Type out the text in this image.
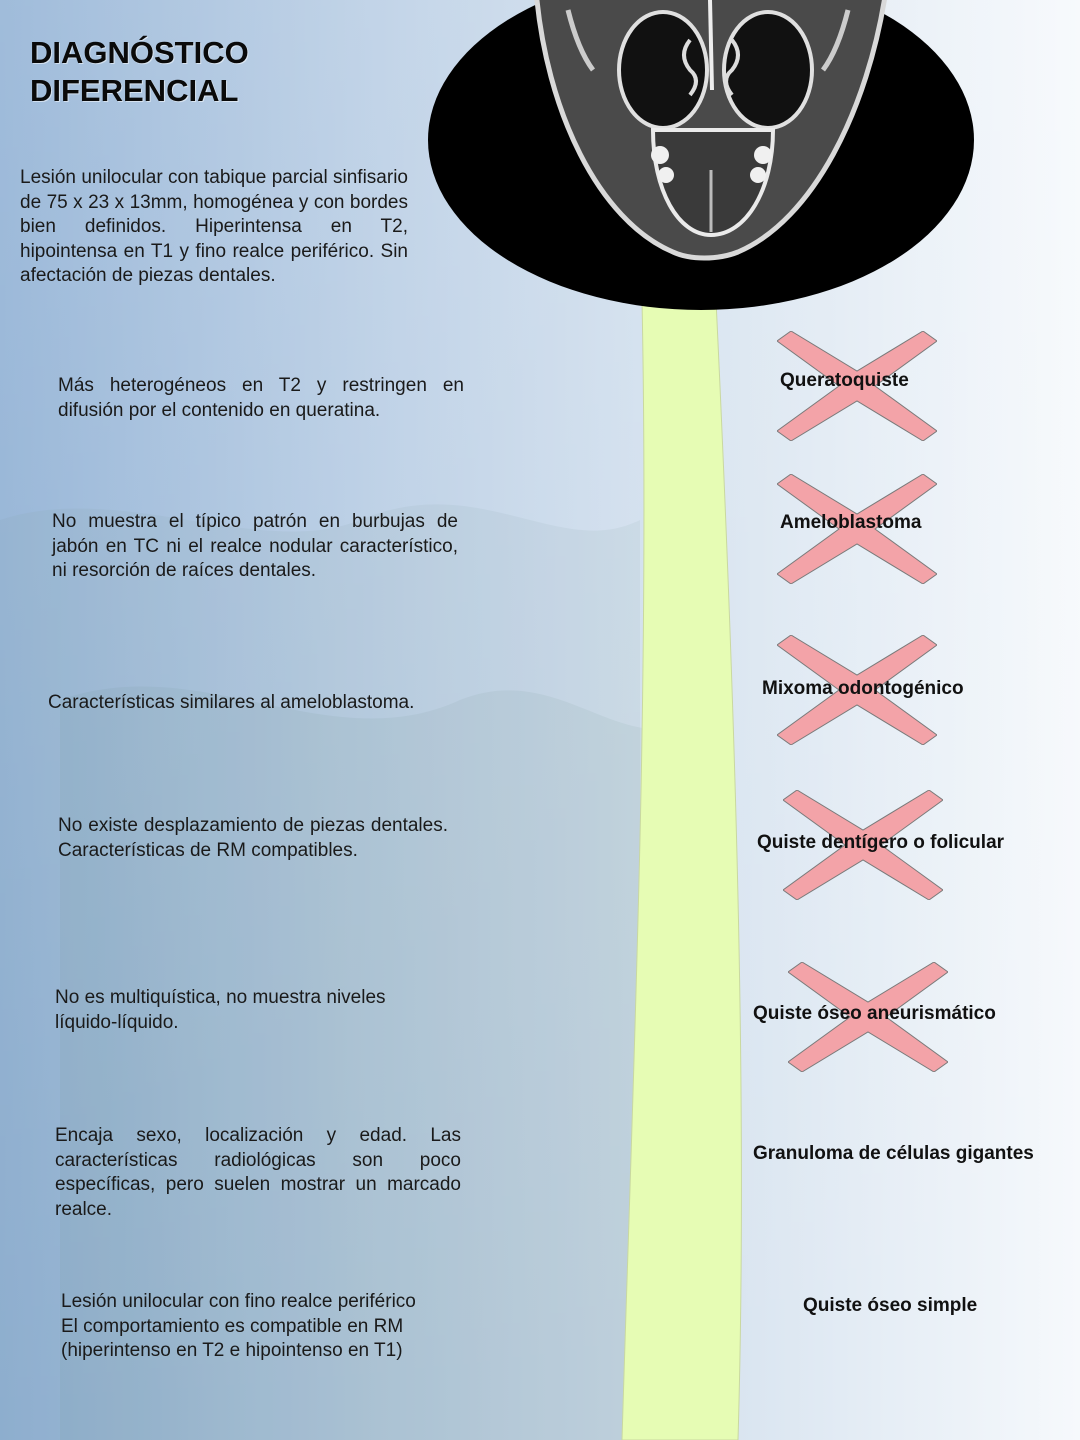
DIAGNÓSTICO
DIFERENCIAL
Lesión unilocular con tabique parcial sinfisario de 75 x 23 x 13mm, homogénea y con bordes bien definidos. Hiperintensa en T2, hipointensa en T1 y fino realce periférico. Sin afectación de piezas dentales.
Más heterogéneos en T2 y restringen en difusión por el contenido en queratina.
No muestra el típico patrón en burbujas de jabón en TC ni el realce nodular característico, ni resorción de raíces dentales.
Características similares al ameloblastoma.
No existe desplazamiento de piezas dentales. Características de RM compatibles.
No es multiquística, no muestra niveles líquido-líquido.
Encaja sexo, localización y edad. Las características radiológicas son poco específicas, pero suelen mostrar un marcado realce.
Lesión unilocular con fino realce periférico
El comportamiento es compatible en RM
(hiperintenso en T2 e hipointenso en T1)
Queratoquiste
Ameloblastoma
Mixoma odontogénico
Quiste dentígero o folicular
Quiste óseo aneurismático
Granuloma de células gigantes
Quiste óseo simple
